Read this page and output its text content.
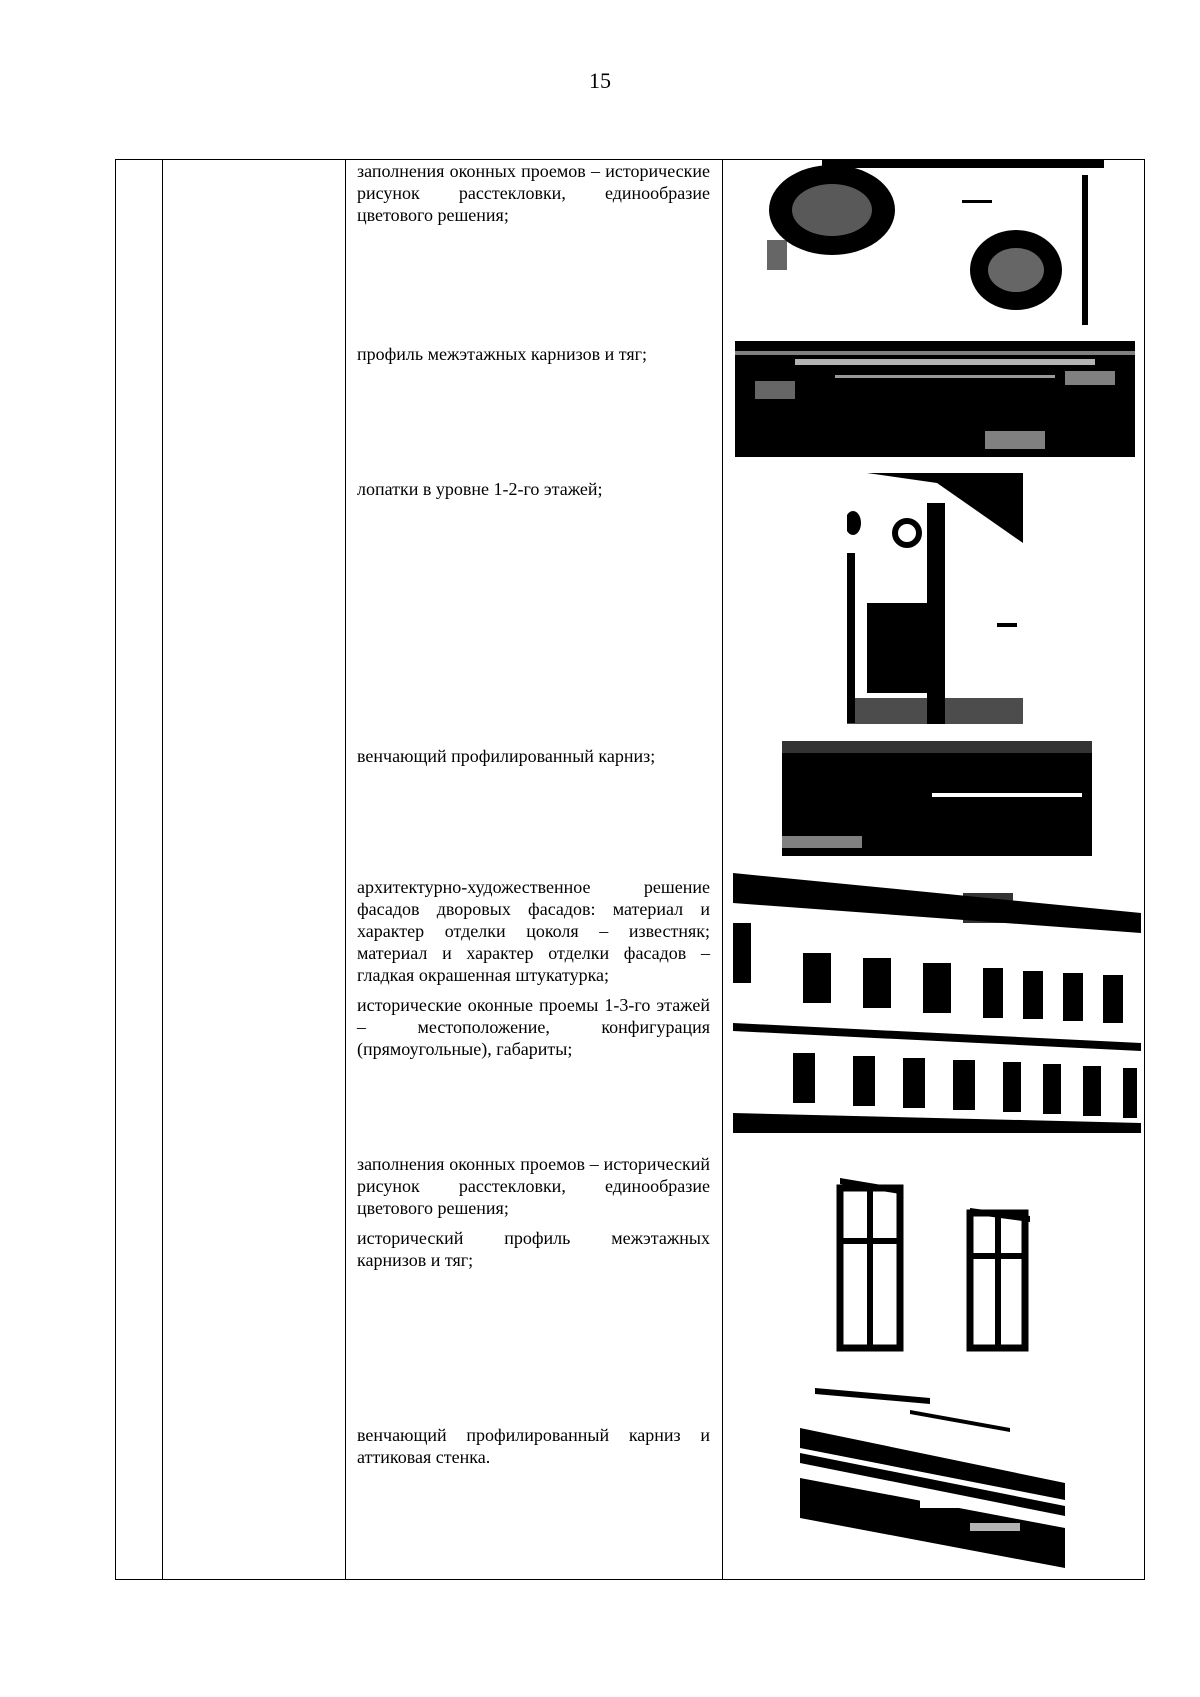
15

заполнения оконных проемов – исторические рисунок расстекловки, единообразие цветового решения;

профиль межэтажных карнизов и тяг;

лопатки в уровне 1-2-го этажей;

венчающий профилированный карниз;

архитектурно-художественное решение фасадов дворовых фасадов: материал и характер отделки цоколя – известняк; материал и характер отделки фасадов – гладкая окрашенная штукатурка;

исторические оконные проемы 1-3-го этажей – местоположение, конфигурация (прямоугольные), габариты;

заполнения оконных проемов – исторический рисунок расстекловки, единообразие цветового решения;

исторический профиль межэтажных карнизов и тяг;

венчающий профилированный карниз и аттиковая стенка.
